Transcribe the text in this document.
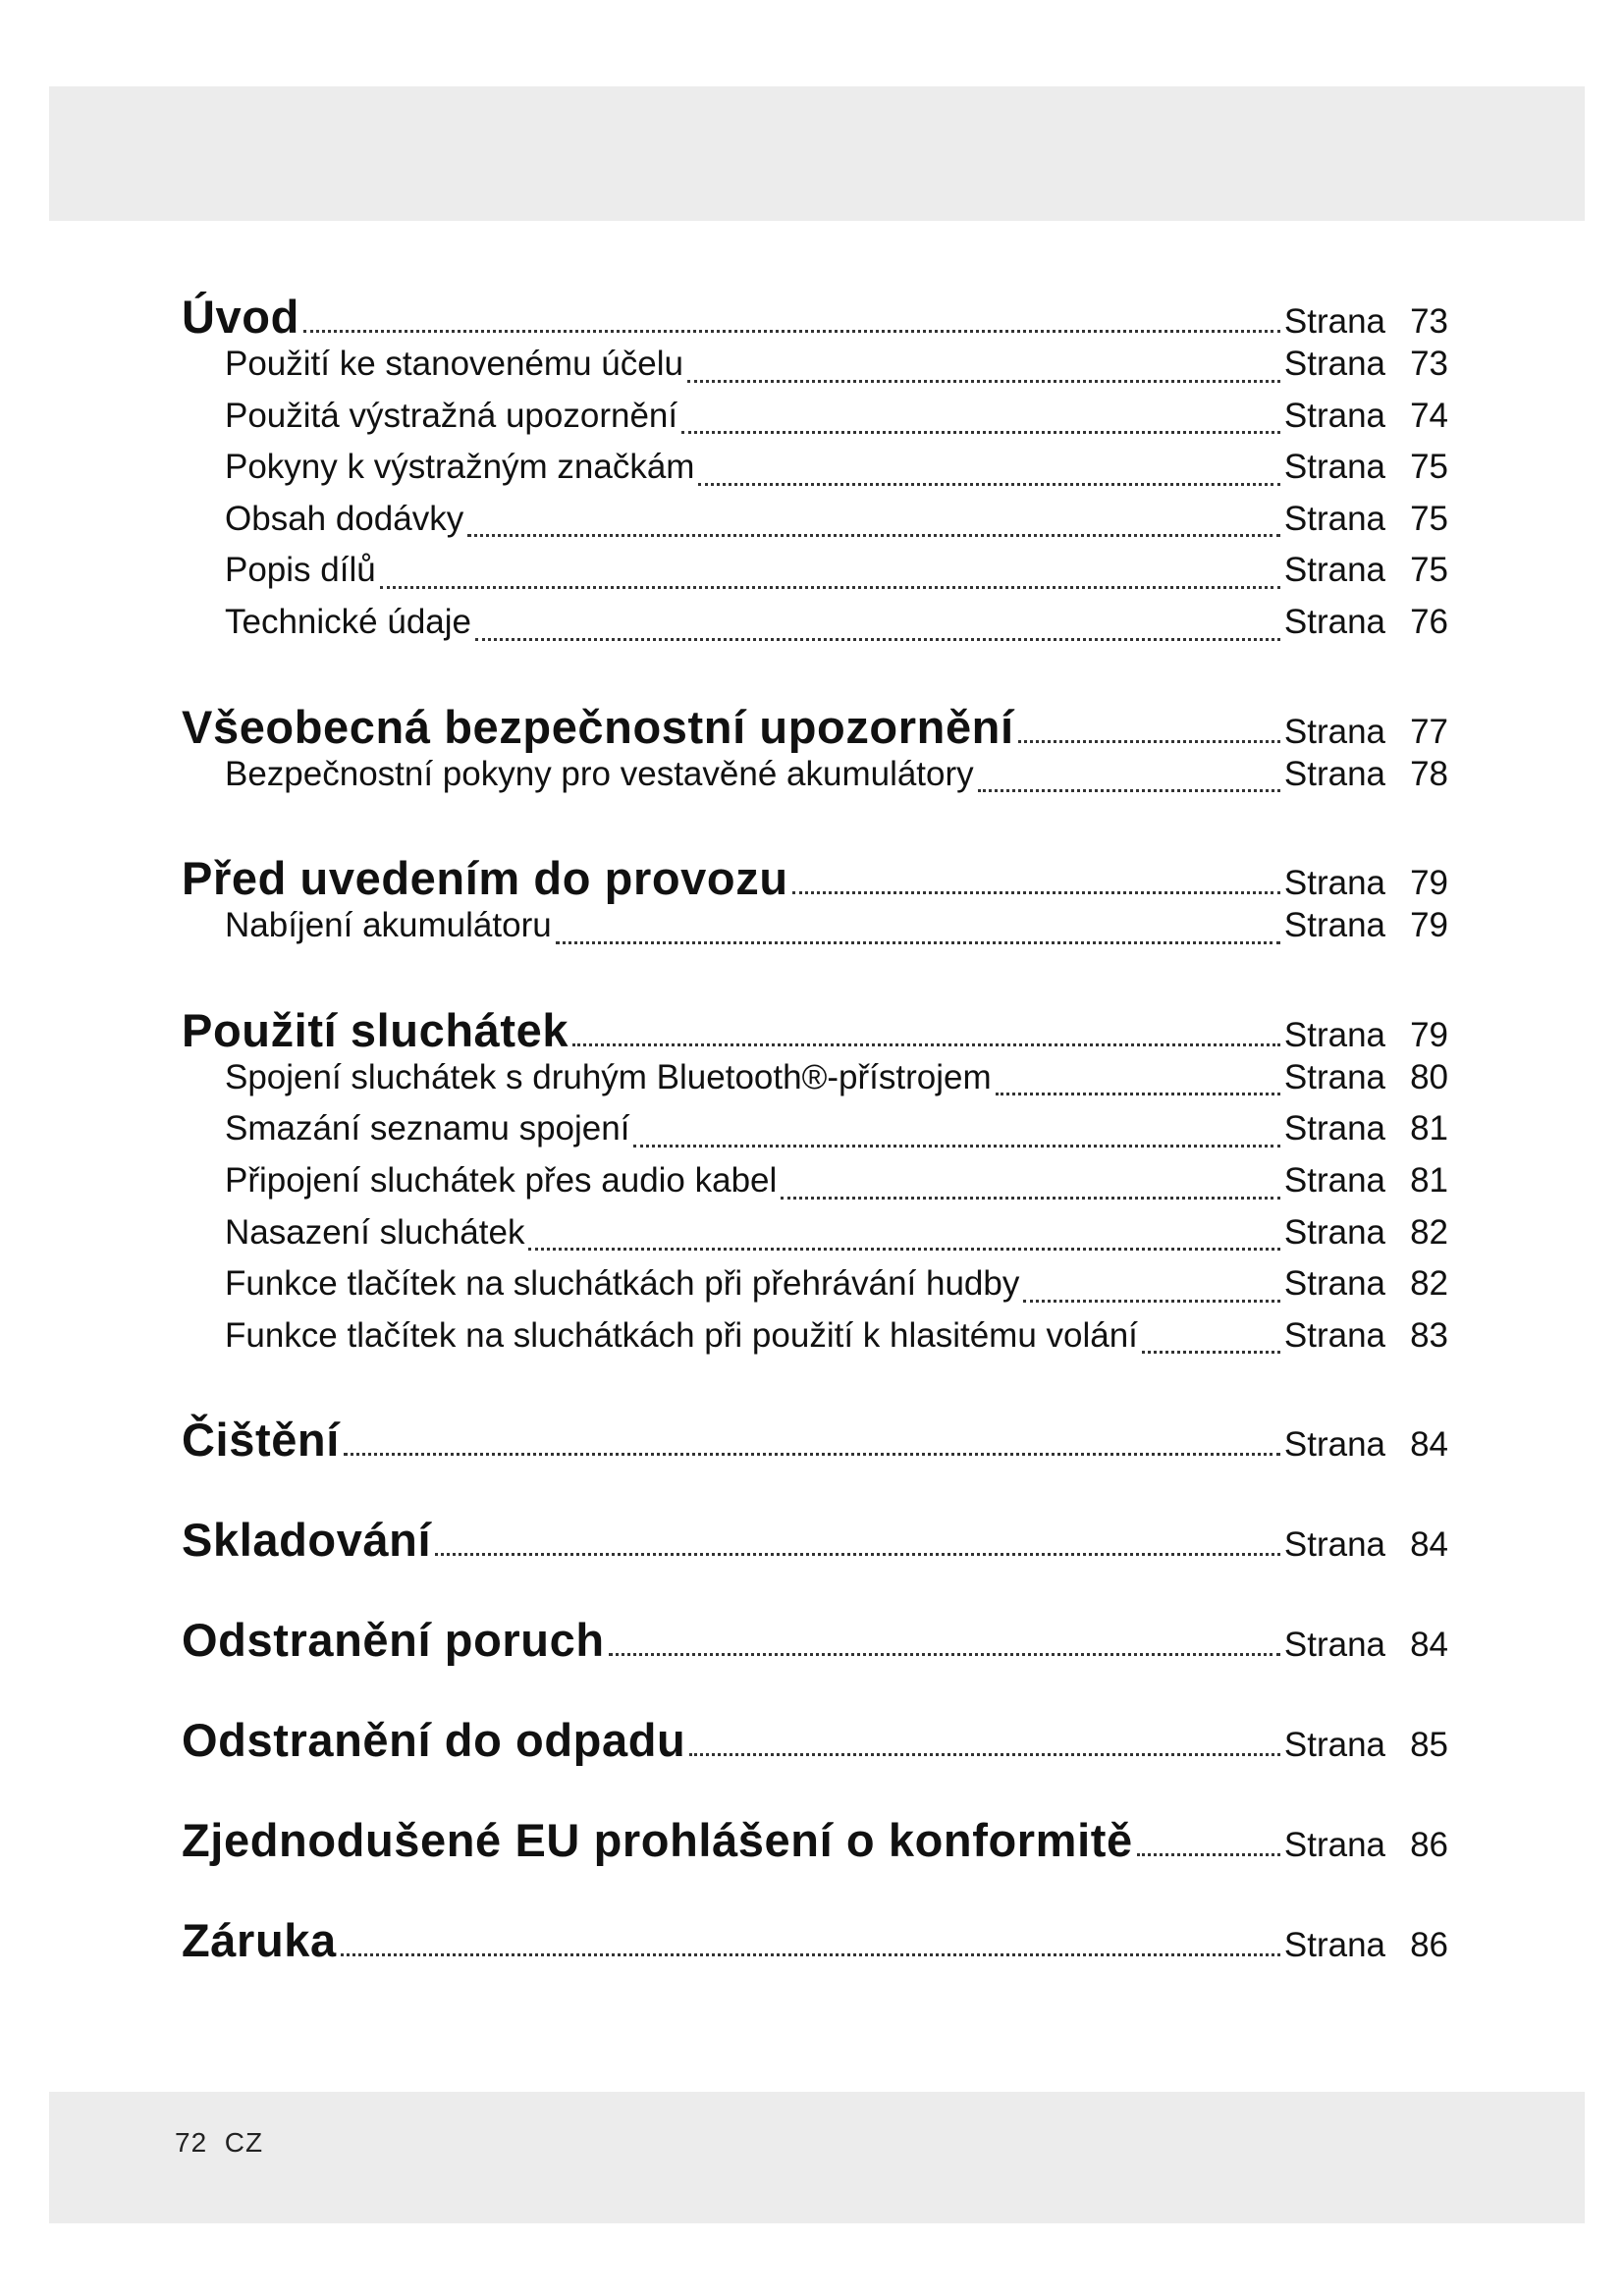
Úvod	Strana 73
Použití ke stanovenému účelu	Strana 73
Použitá výstražná upozornění	Strana 74
Pokyny k výstražným značkám	Strana 75
Obsah dodávky	Strana 75
Popis dílů	Strana 75
Technické údaje	Strana 76
Všeobecná bezpečnostní upozornění	Strana 77
Bezpečnostní pokyny pro vestavěné akumulátory	Strana 78
Před uvedením do provozu	Strana 79
Nabíjení akumulátoru	Strana 79
Použití sluchátek	Strana 79
Spojení sluchátek s druhým Bluetooth®-přístrojem	Strana 80
Smazání seznamu spojení	Strana 81
Připojení sluchátek přes audio kabel	Strana 81
Nasazení sluchátek	Strana 82
Funkce tlačítek na sluchátkách při přehrávání hudby	Strana 82
Funkce tlačítek na sluchátkách při použití k hlasitému volání	Strana 83
Čištění	Strana 84
Skladování	Strana 84
Odstranění poruch	Strana 84
Odstranění do odpadu	Strana 85
Zjednodušené EU prohlášení o konformitě	Strana 86
Záruka	Strana 86
72 CZ
